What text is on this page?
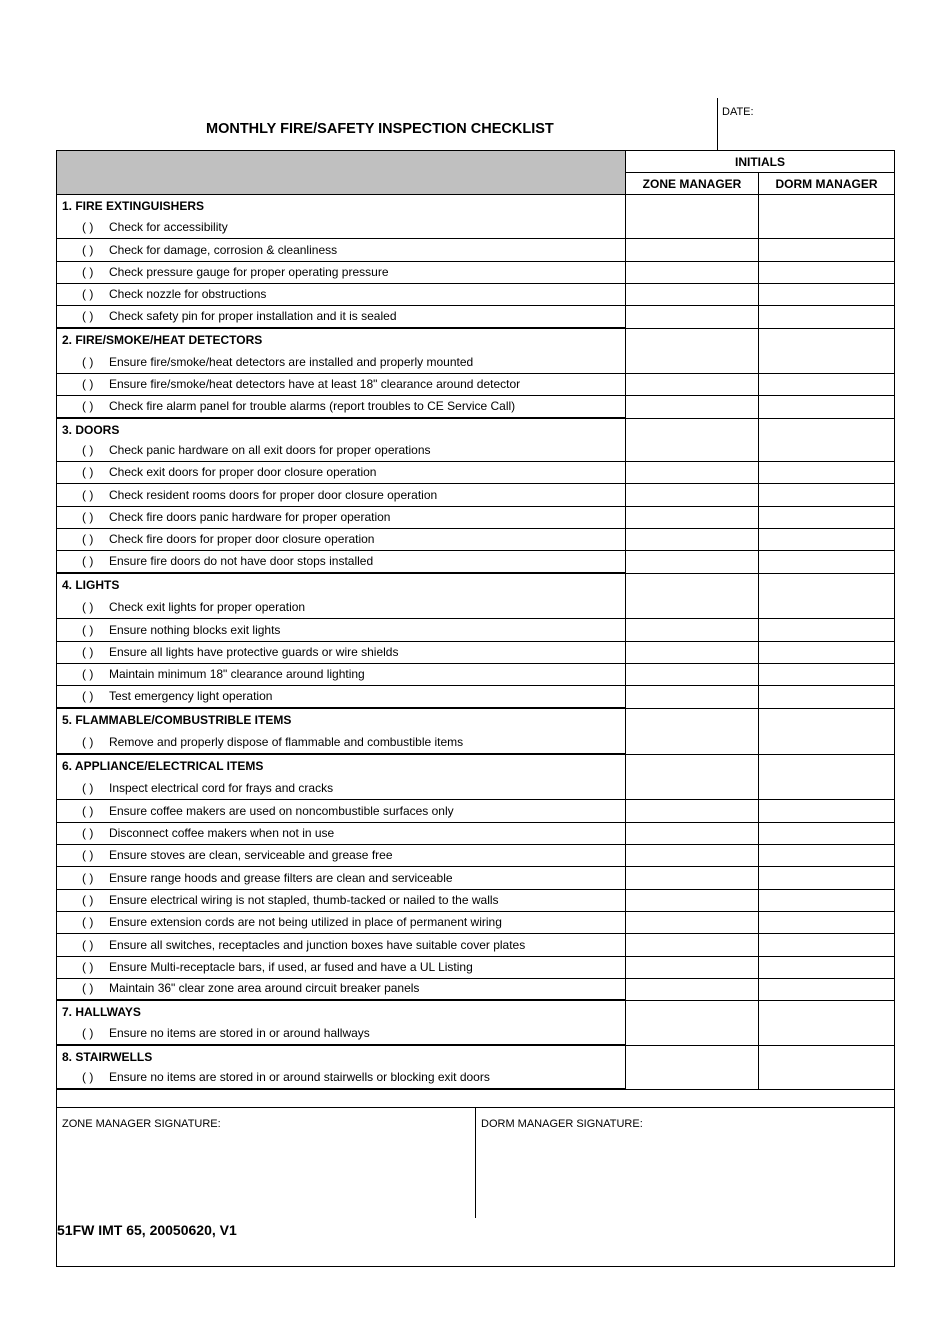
MONTHLY FIRE/SAFETY INSPECTION CHECKLIST
DATE:
INITIALS
ZONE MANAGER	DORM MANAGER
1. FIRE EXTINGUISHERS
( ) Check for accessibility
( ) Check for damage, corrosion & cleanliness
( ) Check pressure gauge for proper operating pressure
( ) Check nozzle for obstructions
( ) Check safety pin for proper installation and it is sealed
2. FIRE/SMOKE/HEAT DETECTORS
( ) Ensure fire/smoke/heat detectors are installed and properly mounted
( ) Ensure fire/smoke/heat detectors have at least 18" clearance around detector
( ) Check fire alarm panel for trouble alarms (report troubles to CE Service Call)
3. DOORS
( ) Check panic hardware on all exit doors for proper operations
( ) Check exit doors for proper door closure operation
( ) Check resident rooms doors for proper door closure operation
( ) Check fire doors panic hardware for proper operation
( ) Check fire doors for proper door closure operation
( ) Ensure fire doors do not have door stops installed
4. LIGHTS
( ) Check exit lights for proper operation
( ) Ensure nothing blocks exit lights
( ) Ensure all lights have protective guards or wire shields
( ) Maintain minimum 18" clearance around lighting
( ) Test emergency light operation
5. FLAMMABLE/COMBUSTRIBLE ITEMS
( ) Remove and properly dispose of flammable and combustible items
6. APPLIANCE/ELECTRICAL ITEMS
( ) Inspect electrical cord for frays and cracks
( ) Ensure coffee makers are used on noncombustible surfaces only
( ) Disconnect coffee makers when not in use
( ) Ensure stoves are clean, serviceable and grease free
( ) Ensure range hoods and grease filters are clean and serviceable
( ) Ensure electrical wiring is not stapled, thumb-tacked or nailed to the walls
( ) Ensure extension cords are not being utilized in place of permanent wiring
( ) Ensure all switches, receptacles and junction boxes have suitable cover plates
( ) Ensure Multi-receptacle bars, if used, ar fused and have a UL Listing
( ) Maintain 36" clear zone area around circuit breaker panels
7. HALLWAYS
( ) Ensure no items are stored in or around hallways
8. STAIRWELLS
( ) Ensure no items are stored in or around stairwells or blocking exit doors
ZONE MANAGER SIGNATURE:	DORM MANAGER SIGNATURE:
51FW IMT 65, 20050620, V1
